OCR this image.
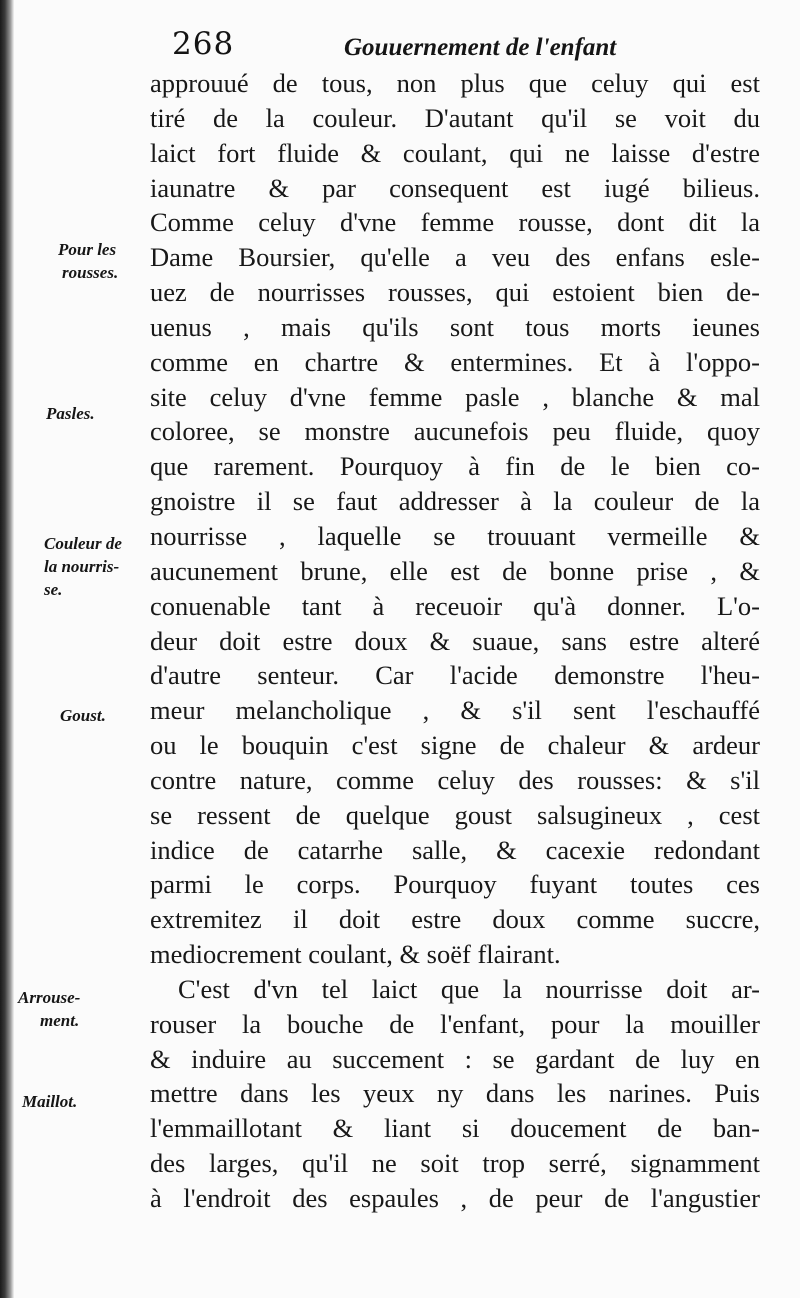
268	Gouuernement de l'enfant
approuué de tous, non plus que celuy qui est
tiré de la couleur. D'autant qu'il se voit du
laict fort fluide & coulant, qui ne laisse d'estre
iaunatre & par consequent est iugé bilieus.
Comme celuy d'vne femme rousse, dont dit la
Dame Boursier, qu'elle a veu des enfans esle-
uez de nourrisses rousses, qui estoient bien de-
uenus , mais qu'ils sont tous morts ieunes
comme en chartre & entermines. Et à l'oppo-
site celuy d'vne femme pasle , blanche & mal
coloree, se monstre aucunefois peu fluide, quoy
que rarement. Pourquoy à fin de le bien co-
gnoistre il se faut addresser à la couleur de la
nourrisse , laquelle se trouuant vermeille &
aucunement brune, elle est de bonne prise , &
conuenable tant à receuoir qu'à donner. L'o-
deur doit estre doux & suaue, sans estre alteré
d'autre senteur. Car l'acide demonstre l'heu-
meur melancholique , & s'il sent l'eschauffé
ou le bouquin c'est signe de chaleur & ardeur
contre nature, comme celuy des rousses: & s'il
se ressent de quelque goust salsugineux , cest
indice de catarrhe salle, & cacexie redondant
parmi le corps. Pourquoy fuyant toutes ces
extremitez il doit estre doux comme succre,
mediocrement coulant, & soëf flairant.
C'est d'vn tel laict que la nourrisse doit ar-
rouser la bouche de l'enfant, pour la mouiller
& induire au succement : se gardant de luy en
mettre dans les yeux ny dans les narines. Puis
l'emmaillotant & liant si doucement de ban-
des larges, qu'il ne soit trop serré, signamment
à l'endroit des espaules , de peur de l'angustier
Pour les
rousses.
Pasles.
Couleur de
la nourris-
se.
Goust.
Arrouse-
ment.
Maillot.
